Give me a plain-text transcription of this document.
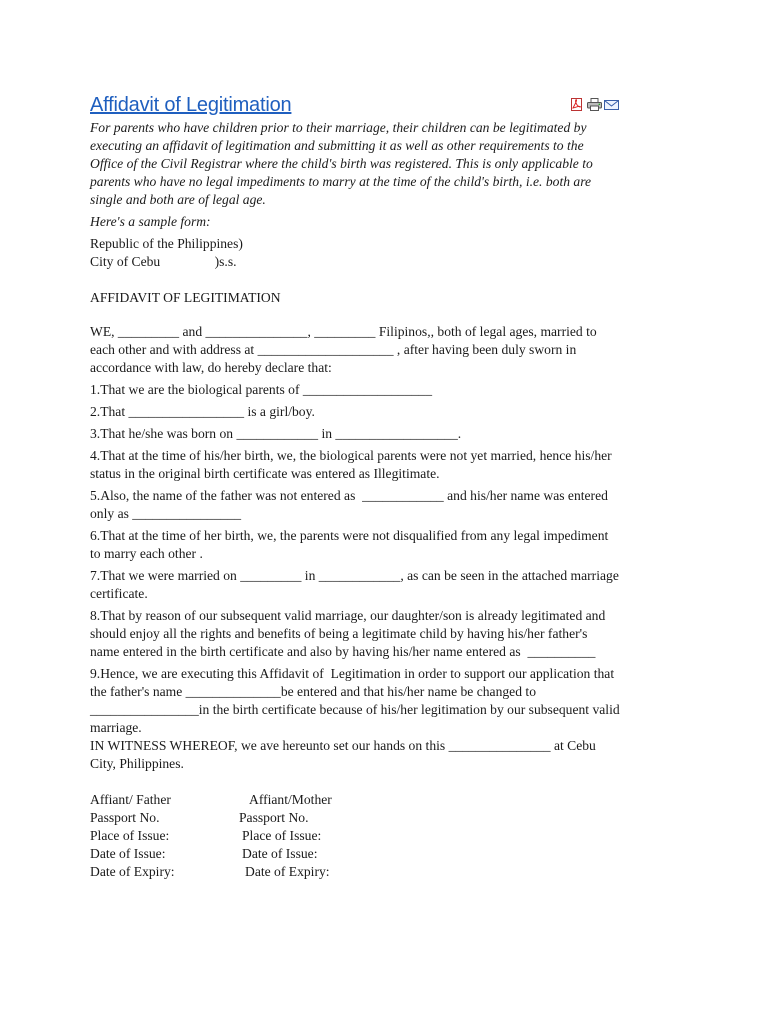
Affidavit of Legitimation
For parents who have children prior to their marriage, their children can be legitimated by executing an affidavit of legitimation and submitting it as well as other requirements to the Office of the Civil Registrar where the child's birth was registered. This is only applicable to parents who have no legal impediments to marry at the time of the child's birth, i.e. both are single and both are of legal age.
Here's a sample form:
Republic of the Philippines)
City of Cebu                )s.s.
AFFIDAVIT OF LEGITIMATION
WE, _________ and _______________, _________ Filipinos,, both of legal ages, married to each other and with address at ____________________ , after having been duly sworn in accordance with law, do hereby declare that:
1.That we are the biological parents of ___________________
2.That _________________ is a girl/boy.
3.That he/she was born on ____________ in __________________.
4.That at the time of his/her birth, we, the biological parents were not yet married, hence his/her status in the original birth certificate was entered as Illegitimate.
5.Also, the name of the father was not entered as  ____________ and his/her name was entered only as ________________
6.That at the time of her birth, we, the parents were not disqualified from any legal impediment to marry each other .
7.That we were married on _________ in ____________, as can be seen in the attached marriage certificate.
8.That by reason of our subsequent valid marriage, our daughter/son is already legitimated and should enjoy all the rights and benefits of being a legitimate child by having his/her father's name entered in the birth certificate and also by having his/her name entered as  __________
9.Hence, we are executing this Affidavit of  Legitimation in order to support our application that the father's name ______________be entered and that his/her name be changed to  ________________in the birth certificate because of his/her legitimation by our subsequent valid marriage.
IN WITNESS WHEREOF, we ave hereunto set our hands on this _______________ at Cebu City, Philippines.
Affiant/ Father	Affiant/Mother
Passport No.	Passport No.
Place of Issue:	Place of Issue:
Date of Issue:	Date of Issue:
Date of Expiry:	Date of Expiry:
